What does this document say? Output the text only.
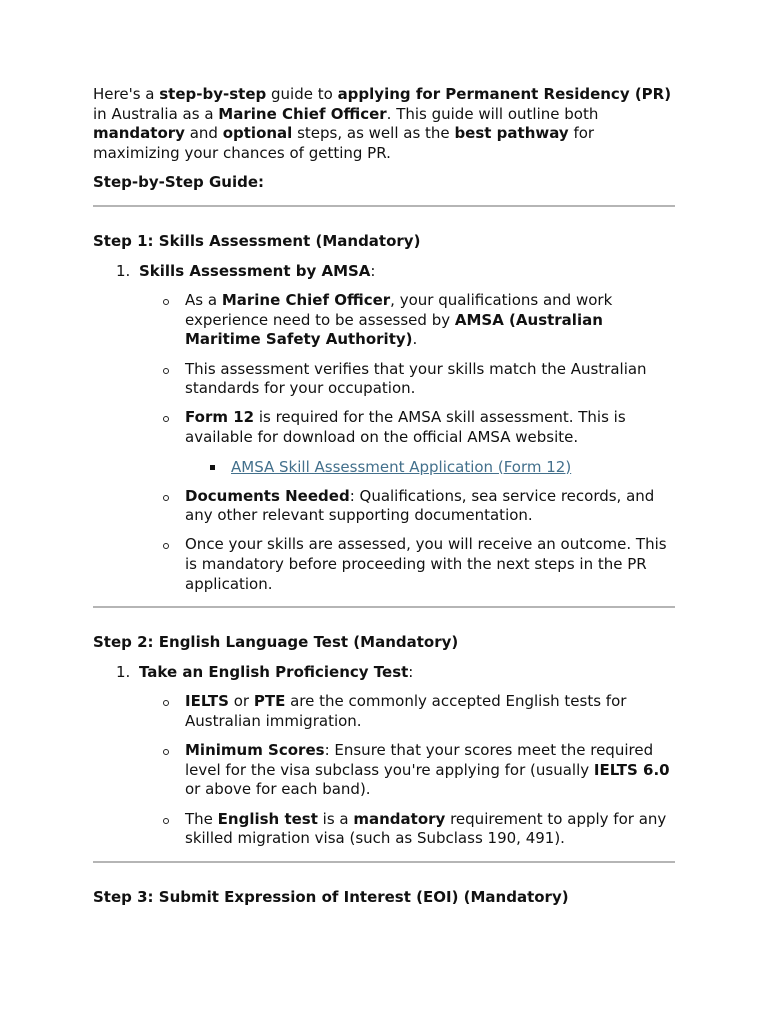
Here's a step-by-step guide to applying for Permanent Residency (PR) in Australia as a Marine Chief Officer. This guide will outline both mandatory and optional steps, as well as the best pathway for maximizing your chances of getting PR.

Step-by-Step Guide:

Step 1: Skills Assessment (Mandatory)

1. Skills Assessment by AMSA:
As a Marine Chief Officer, your qualifications and work experience need to be assessed by AMSA (Australian Maritime Safety Authority).
This assessment verifies that your skills match the Australian standards for your occupation.
Form 12 is required for the AMSA skill assessment. This is available for download on the official AMSA website.
AMSA Skill Assessment Application (Form 12)
Documents Needed: Qualifications, sea service records, and any other relevant supporting documentation.
Once your skills are assessed, you will receive an outcome. This is mandatory before proceeding with the next steps in the PR application.

Step 2: English Language Test (Mandatory)

1. Take an English Proficiency Test:
IELTS or PTE are the commonly accepted English tests for Australian immigration.
Minimum Scores: Ensure that your scores meet the required level for the visa subclass you're applying for (usually IELTS 6.0 or above for each band).
The English test is a mandatory requirement to apply for any skilled migration visa (such as Subclass 190, 491).

Step 3: Submit Expression of Interest (EOI) (Mandatory)
